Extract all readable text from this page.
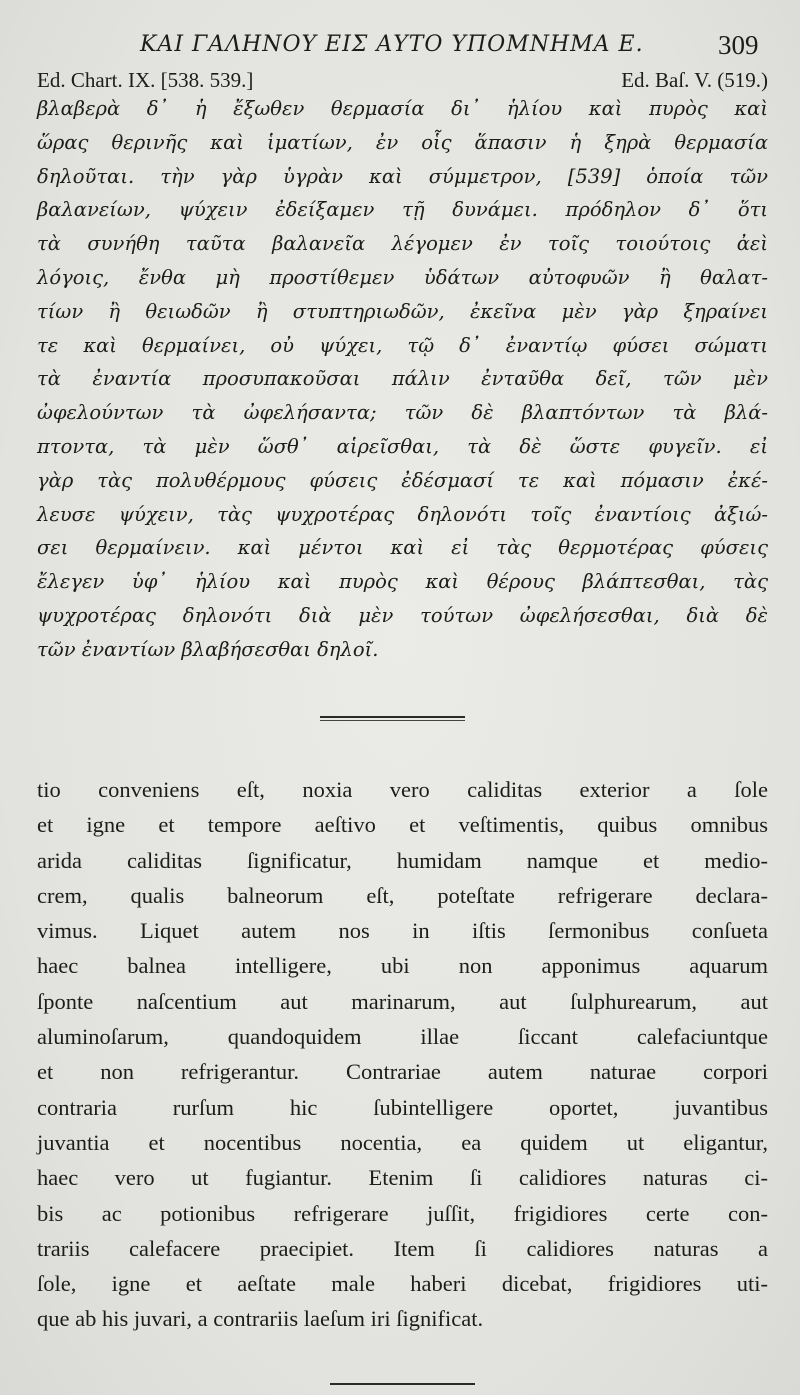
ΚΑΙ ΓΑΛΗΝΟΥ ΕΙΣ ΑΥΤΟ ΥΠΟΜΝΗΜΑ Ε.	309
Ed. Chart. IX. [538. 539.]	Ed. Baſ. V. (519.)
βλαβερὰ δ᾽ ἡ ἔξωθεν θερμασία δι᾽ ἡλίου καὶ πυρὸς καὶ
ὥρας θερινῆς καὶ ἱματίων, ἐν οἷς ἅπασιν ἡ ξηρὰ θερμασία
δηλοῦται. τὴν γὰρ ὑγρὰν καὶ σύμμετρον, [539] ὁποία τῶν
βαλανείων, ψύχειν ἐδείξαμεν τῇ δυνάμει. πρόδηλον δ᾽ ὅτι
τὰ συνήθη ταῦτα βαλανεῖα λέγομεν ἐν τοῖς τοιούτοις ἀεὶ
λόγοις, ἔνθα μὴ προστίθεμεν ὑδάτων αὐτοφυῶν ἢ θαλατ-
τίων ἢ θειωδῶν ἢ στυπτηριωδῶν, ἐκεῖνα μὲν γὰρ ξηραίνει
τε καὶ θερμαίνει, οὐ ψύχει, τῷ δ᾽ ἐναντίῳ φύσει σώματι
τὰ ἐναντία προσυπακοῦσαι πάλιν ἐνταῦθα δεῖ, τῶν μὲν
ὠφελούντων τὰ ὠφελήσαντα; τῶν δὲ βλαπτόντων τὰ βλά-
πτοντα, τὰ μὲν ὥσθ᾽ αἱρεῖσθαι, τὰ δὲ ὥστε φυγεῖν. εἰ
γὰρ τὰς πολυθέρμους φύσεις ἐδέσμασί τε καὶ πόμασιν ἐκέ-
λευσε ψύχειν, τὰς ψυχροτέρας δηλονότι τοῖς ἐναντίοις ἀξιώ-
σει θερμαίνειν. καὶ μέντοι καὶ εἰ τὰς θερμοτέρας φύσεις
ἔλεγεν ὑφ᾽ ἡλίου καὶ πυρὸς καὶ θέρους βλάπτεσθαι, τὰς
ψυχροτέρας δηλονότι διὰ μὲν τούτων ὠφελήσεσθαι, διὰ δὲ
τῶν ἐναντίων βλαβήσεσθαι δηλοῖ.
tio conveniens eſt, noxia vero caliditas exterior a ſole
et igne et tempore aeſtivo et veſtimentis, quibus omnibus
arida caliditas ſignificatur, humidam namque et medio-
crem, qualis balneorum eſt, poteſtate refrigerare declara-
vimus. Liquet autem nos in iſtis ſermonibus conſueta
haec balnea intelligere, ubi non apponimus aquarum
ſponte naſcentium aut marinarum, aut ſulphurearum, aut
aluminoſarum, quandoquidem illae ſiccant calefaciuntque
et non refrigerantur. Contrariae autem naturae corpori
contraria rurſum hic ſubintelligere oportet, juvantibus
juvantia et nocentibus nocentia, ea quidem ut eligantur,
haec vero ut fugiantur. Etenim ſi calidiores naturas ci-
bis ac potionibus refrigerare juſſit, frigidiores certe con-
trariis calefacere praecipiet. Item ſi calidiores naturas a
ſole, igne et aeſtate male haberi dicebat, frigidiores uti-
que ab his juvari, a contrariis laeſum iri ſignificat.
